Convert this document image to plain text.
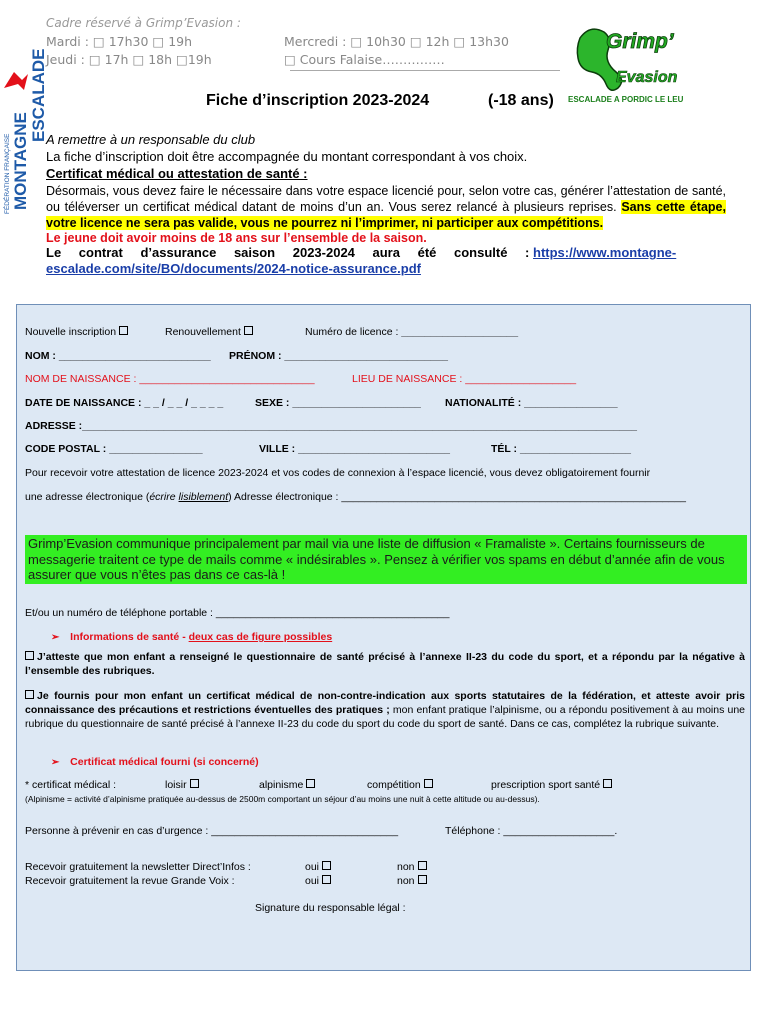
FÉDÉRATION FRANÇAISE MONTAGNE
ESCALADE
Cadre réservé à Grimp’Evasion :
Mardi : □ 17h30 □ 19h	Mercredi : □ 10h30 □ 12h □ 13h30
Jeudi : □ 17h □ 18h □19h	□ Cours Falaise……………
Grimp’
Evasion
ESCALADE A PORDIC LE LEU
Fiche d’inscription 2023-2024	(-18 ans)
A remettre à un responsable du club
La fiche d’inscription doit être accompagnée du montant correspondant à vos choix.
Certificat médical ou attestation de santé :
Désormais, vous devez faire le nécessaire dans votre espace licencié pour, selon votre cas, générer l’attestation de santé, ou téléverser un certificat médical datant de moins d’un an. Vous serez relancé à plusieurs reprises. Sans cette étape, votre licence ne sera pas valide, vous ne pourrez ni l’imprimer, ni participer aux compétitions.
Le jeune doit avoir moins de 18 ans sur l’ensemble de la saison.
Le contrat d’assurance saison 2023-2024 aura été consulté : https://www.montagne-escalade.com/site/BO/documents/2024-notice-assurance.pdf
Nouvelle inscription	Renouvellement	Numéro de licence : ____________________
NOM : __________________________ PRÉNOM : ____________________________
NOM DE NAISSANCE : ______________________________	LIEU DE NAISSANCE : ___________________
DATE DE NAISSANCE : _ _ / _ _ / _ _ _ _	SEXE : ______________________ NATIONALITÉ : ________________
ADRESSE :_______________________________________________________________________________________________
CODE POSTAL : ________________	VILLE : __________________________	TÉL : ___________________
Pour recevoir votre attestation de licence 2023-2024 et vos codes de connexion à l’espace licencié, vous devez obligatoirement fournir
une adresse électronique (écrire lisiblement) Adresse électronique : ___________________________________________________________
Grimp’Evasion communique principalement par mail via une liste de diffusion « Framaliste ». Certains fournisseurs de messagerie traitent ce type de mails comme « indésirables ». Pensez à vérifier vos spams en début d’année afin de vous assurer que vous n’êtes pas dans ce cas-là !
Et/ou un numéro de téléphone portable : ________________________________________
➢ Informations de santé - deux cas de figure possibles
J’atteste que mon enfant a renseigné le questionnaire de santé précisé à l’annexe II-23 du code du sport, et a répondu par la négative à l’ensemble des rubriques.
Je fournis pour mon enfant un certificat médical de non-contre-indication aux sports statutaires de la fédération, et atteste avoir pris connaissance des précautions et restrictions éventuelles des pratiques ; mon enfant pratique l’alpinisme, ou a répondu positivement à au moins une rubrique du questionnaire de santé précisé à l’annexe II-23 du code du sport du code du sport de santé. Dans ce cas, complétez la rubrique suivante.
➢ Certificat médical fourni (si concerné)
* certificat médical :	loisir	alpinisme	compétition	prescription sport santé
(Alpinisme = activité d’alpinisme pratiquée au-dessus de 2500m comportant un séjour d’au moins une nuit à cette altitude ou au-dessus).
Personne à prévenir en cas d’urgence : ________________________________	Téléphone : ___________________.
Recevoir gratuitement la newsletter Direct’Infos :	oui	non
Recevoir gratuitement la revue Grande Voix :	oui	non
Signature du responsable légal :
